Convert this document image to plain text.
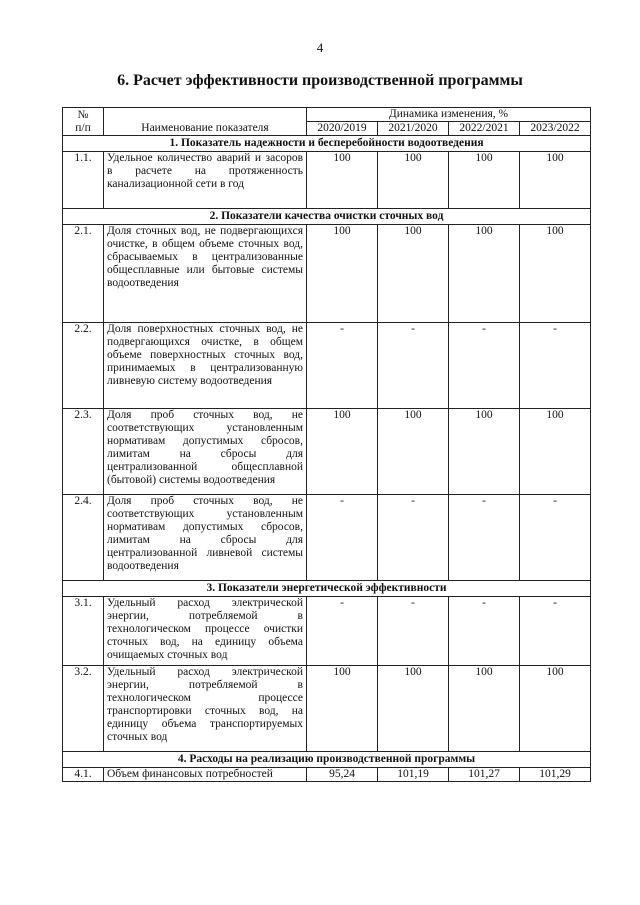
4
6. Расчет эффективности производственной программы
№
п/п	Наименование показателя	Динамика изменения, %			
		2020/2019	2021/2020	2022/2021	2023/2022
1. Показатель надежности и бесперебойности водоотведения					
1.1.	Удельное количество аварий и засоров в расчете на протяженность канализационной сети в год	100	100	100	100
2. Показатели качества очистки сточных вод					
2.1.	Доля сточных вод, не подвергающихся очистке, в общем объеме сточных вод, сбрасываемых в централизованные общесплавные или бытовые системы водоотведения	100	100	100	100
2.2.	Доля поверхностных сточных вод, не подвергающихся очистке, в общем объеме поверхностных сточных вод, принимаемых в централизованную ливневую систему водоотведения	-	-	-	-
2.3.	Доля проб сточных вод, не соответствующих установленным нормативам допустимых сбросов, лимитам на сбросы для централизованной общесплавной (бытовой) системы водоотведения	100	100	100	100
2.4.	Доля проб сточных вод, не соответствующих установленным нормативам допустимых сбросов, лимитам на сбросы для централизованной ливневой системы водоотведения	-	-	-	-
3. Показатели энергетической эффективности					
3.1.	Удельный расход электрической энергии, потребляемой в технологическом процессе очистки сточных вод, на единицу объема очищаемых сточных вод	-	-	-	-
3.2.	Удельный расход электрической энергии, потребляемой в технологическом процессе транспортировки сточных вод, на единицу объема транспортируемых сточных вод	100	100	100	100
4. Расходы на реализацию производственной программы					
4.1.	Объем финансовых потребностей	95,24	101,19	101,27	101,29
